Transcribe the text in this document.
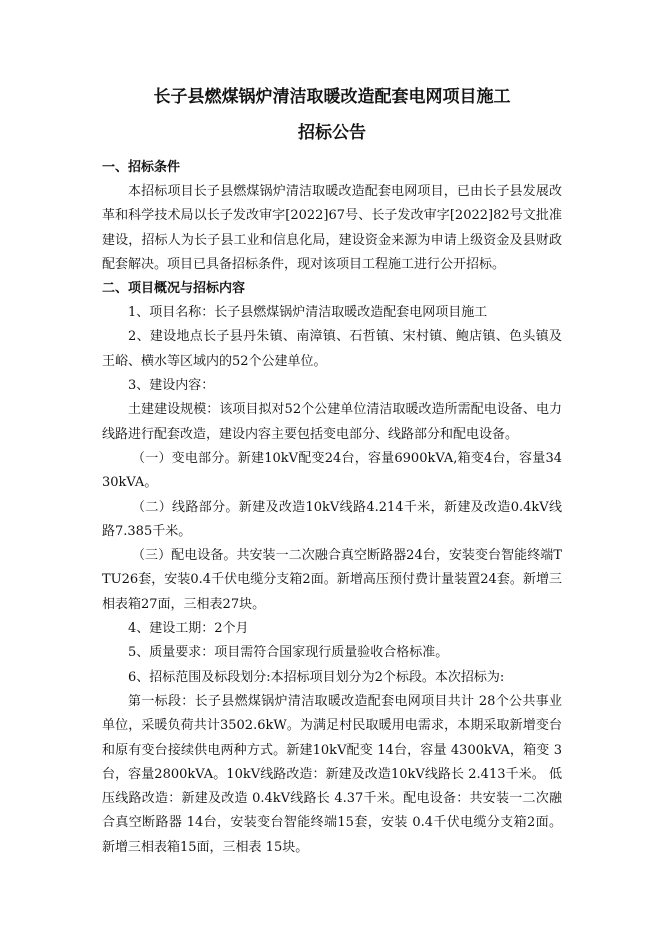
长子县燃煤锅炉清洁取暖改造配套电网项目施工

招标公告

一、招标条件

本招标项目长子县燃煤锅炉清洁取暖改造配套电网项目，已由长子县发展改革和科学技术局以长子发改审字[2022]67号、长子发改审字[2022]82号文批准建设，招标人为长子县工业和信息化局，建设资金来源为申请上级资金及县财政配套解决。项目已具备招标条件，现对该项目工程施工进行公开招标。

二、项目概况与招标内容

1、项目名称：长子县燃煤锅炉清洁取暖改造配套电网项目施工

2、建设地点长子县丹朱镇、南漳镇、石哲镇、宋村镇、鲍店镇、色头镇及王峪、横水等区域内的52个公建单位。

3、建设内容：

土建建设规模：该项目拟对52个公建单位清洁取暖改造所需配电设备、电力线路进行配套改造，建设内容主要包括变电部分、线路部分和配电设备。

（一）变电部分。新建10kV配变24台，容量6900kVA,箱变4台，容量3430kVA。

（二）线路部分。新建及改造10kV线路4.214千米，新建及改造0.4kV线路7.385千米。

（三）配电设备。共安装一二次融合真空断路器24台，安装变台智能终端TTU26套，安装0.4千伏电缆分支箱2面。新增高压预付费计量装置24套。新增三相表箱27面，三相表27块。

4、建设工期：2个月

5、质量要求：项目需符合国家现行质量验收合格标准。

6、招标范围及标段划分:本招标项目划分为2个标段。本次招标为:

第一标段：长子县燃煤锅炉清洁取暖改造配套电网项目共计 28个公共事业单位，采暖负荷共计3502.6kW。为满足村民取暖用电需求，本期采取新增变台和原有变台接续供电两种方式。新建10kV配变 14台，容量 4300kVA，箱变 3台，容量2800kVA。10kV线路改造：新建及改造10kV线路长 2.413千米。 低压线路改造：新建及改造 0.4kV线路长 4.37千米。配电设备：共安装一二次融合真空断路器 14台，安装变台智能终端15套，安装 0.4千伏电缆分支箱2面。新增三相表箱15面，三相表 15块。
